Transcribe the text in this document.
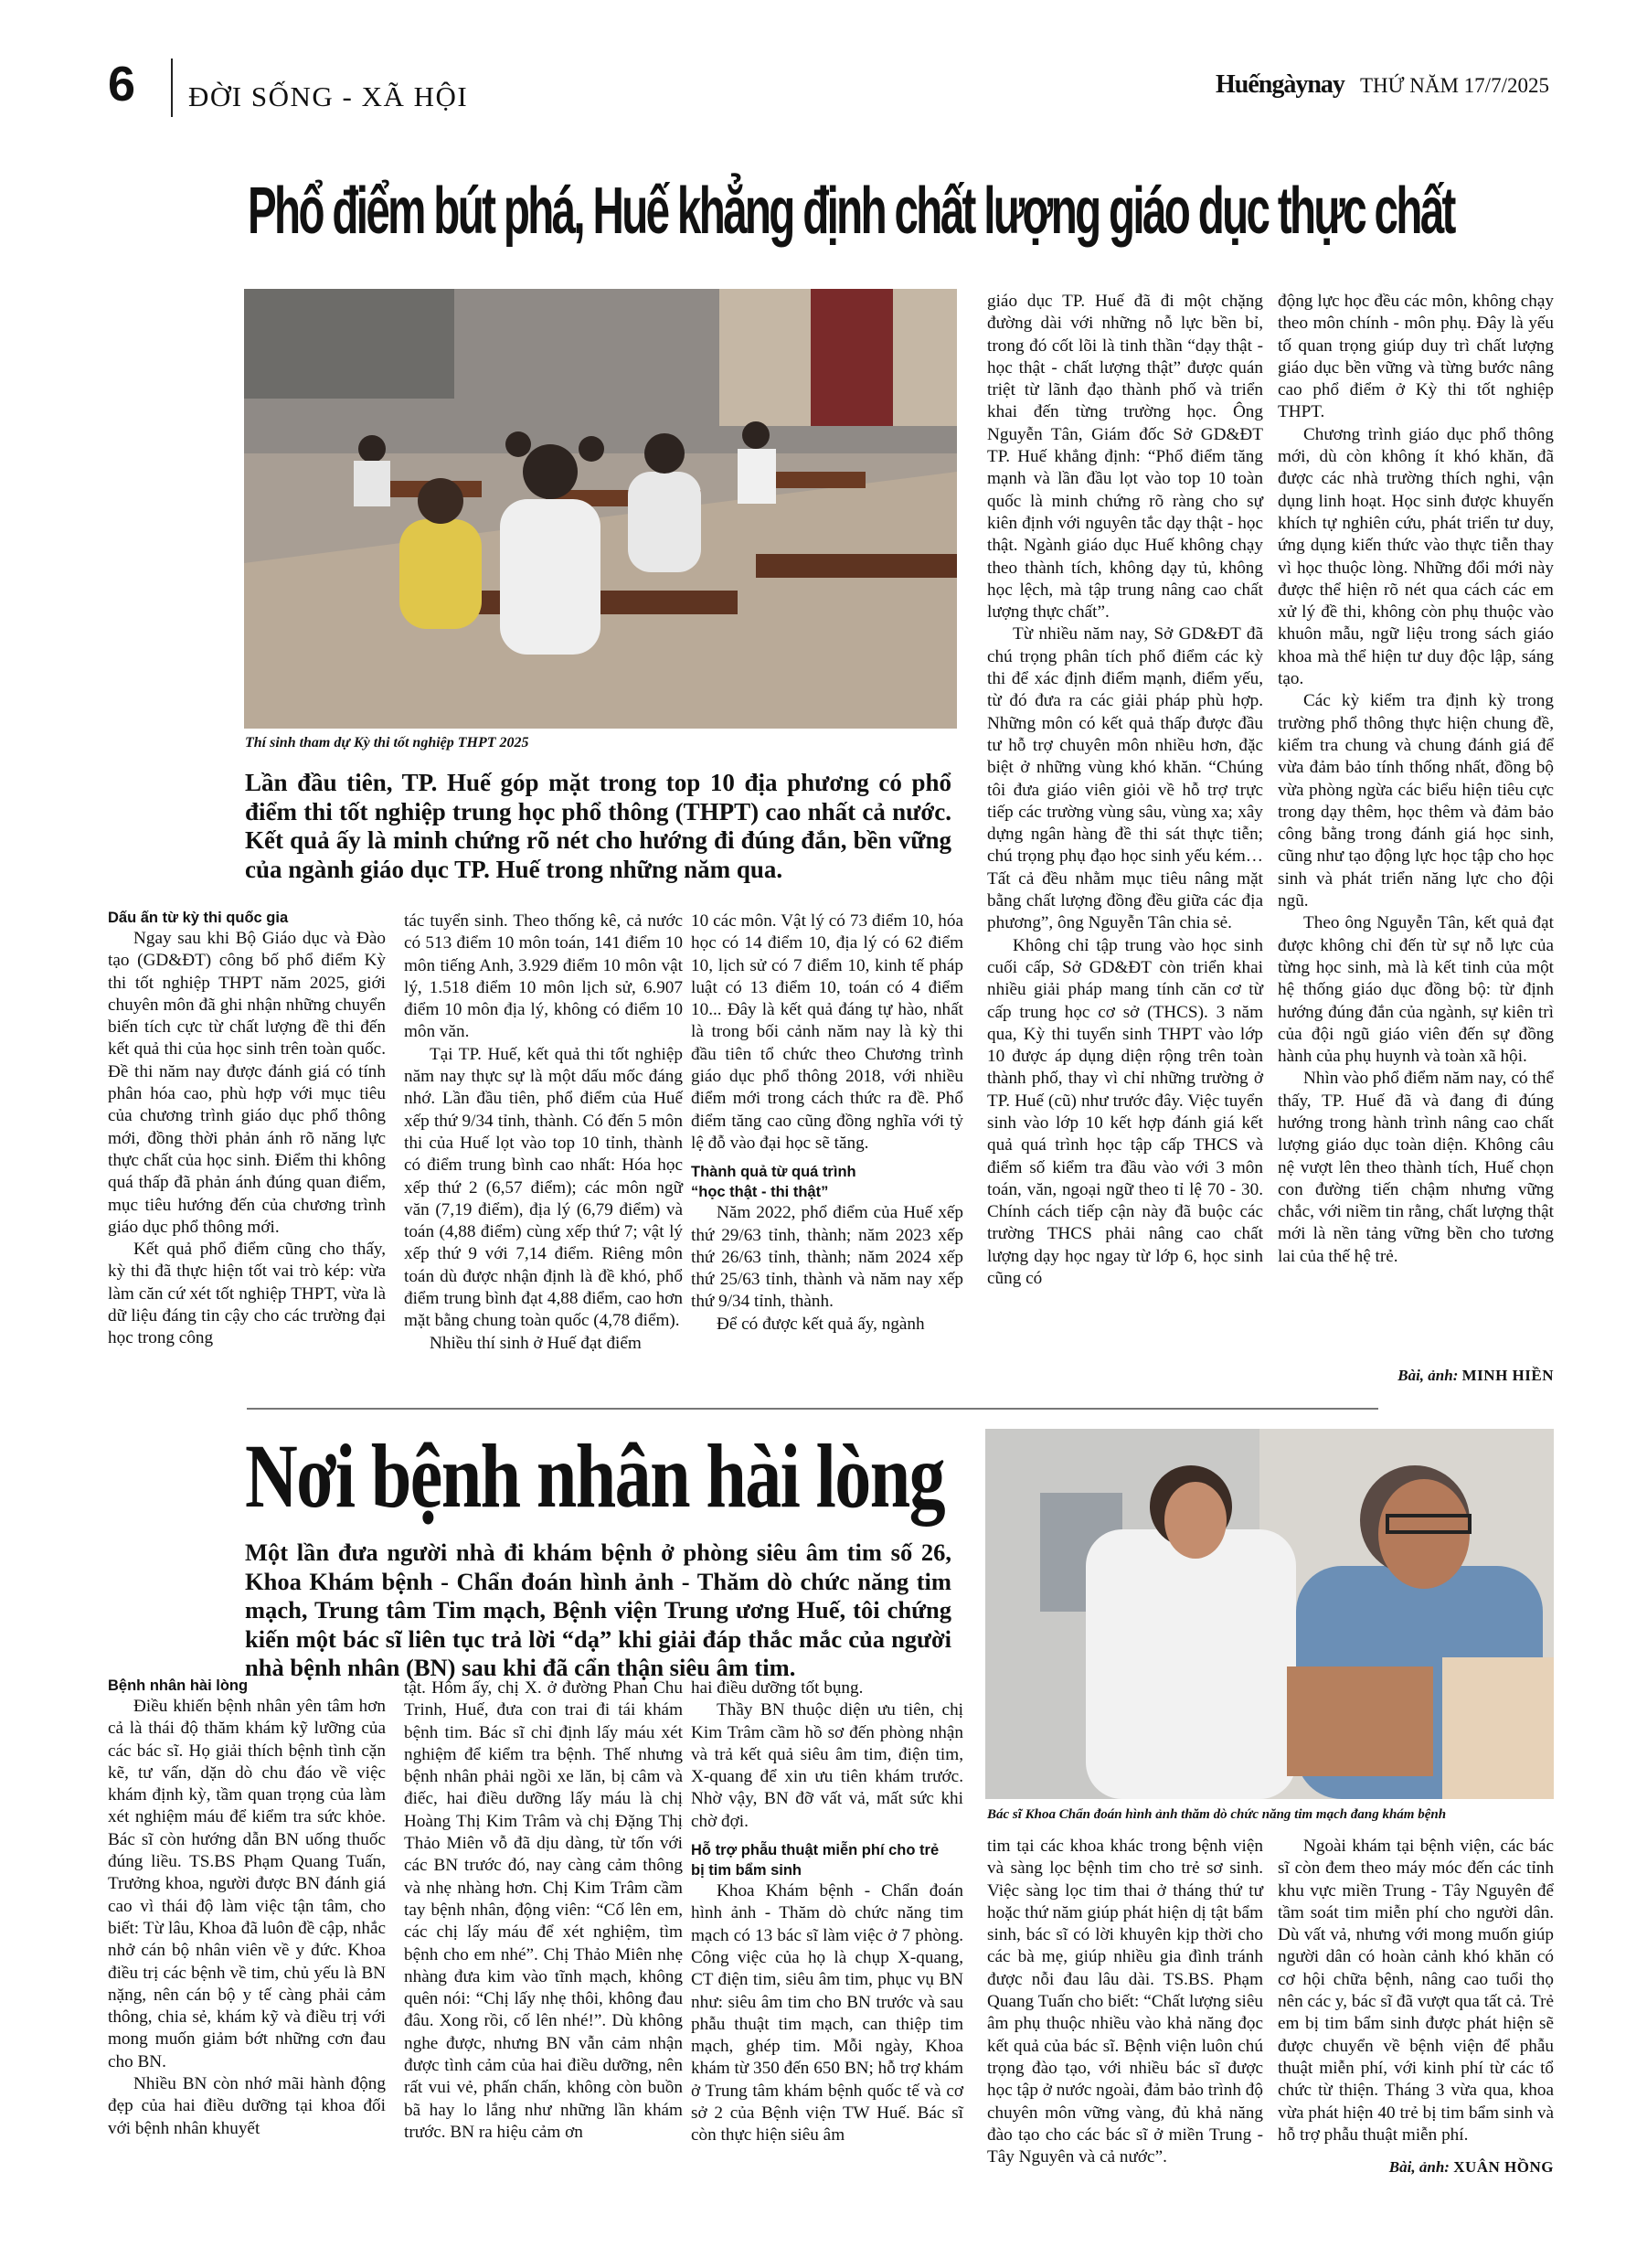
6 ĐỜI SỐNG - XÃ HỘI	Huếngàynay THỨ NĂM 17/7/2025
Phổ điểm bút phá, Huế khẳng định chất lượng giáo dục thực chất
Thí sinh tham dự Kỳ thi tốt nghiệp THPT 2025
Lần đầu tiên, TP. Huế góp mặt trong top 10 địa phương có phổ điểm thi tốt nghiệp trung học phổ thông (THPT) cao nhất cả nước. Kết quả ấy là minh chứng rõ nét cho hướng đi đúng đắn, bền vững của ngành giáo dục TP. Huế trong những năm qua.

Dấu ấn từ kỳ thi quốc gia

Ngay sau khi Bộ Giáo dục và Đào tạo (GD&ĐT) công bố phổ điểm Kỳ thi tốt nghiệp THPT năm 2025, giới chuyên môn đã ghi nhận những chuyển biến tích cực từ chất lượng đề thi đến kết quả thi của học sinh trên toàn quốc. Đề thi năm nay được đánh giá có tính phân hóa cao, phù hợp với mục tiêu của chương trình giáo dục phổ thông mới, đồng thời phản ánh rõ năng lực thực chất của học sinh. Điểm thi không quá thấp đã phản ánh đúng quan điểm, mục tiêu hướng đến của chương trình giáo dục phổ thông mới.

Kết quả phổ điểm cũng cho thấy, kỳ thi đã thực hiện tốt vai trò kép: vừa làm căn cứ xét tốt nghiệp THPT, vừa là dữ liệu đáng tin cậy cho các trường đại học trong công

tác tuyển sinh. Theo thống kê, cả nước có 513 điểm 10 môn toán, 141 điểm 10 môn tiếng Anh, 3.929 điểm 10 môn vật lý, 1.518 điểm 10 môn lịch sử, 6.907 điểm 10 môn địa lý, không có điểm 10 môn văn.

Tại TP. Huế, kết quả thi tốt nghiệp năm nay thực sự là một dấu mốc đáng nhớ. Lần đầu tiên, phổ điểm của Huế xếp thứ 9/34 tỉnh, thành. Có đến 5 môn thi của Huế lọt vào top 10 tỉnh, thành có điểm trung bình cao nhất: Hóa học xếp thứ 2 (6,57 điểm); các môn ngữ văn (7,19 điểm), địa lý (6,79 điểm) và toán (4,88 điểm) cùng xếp thứ 7; vật lý xếp thứ 9 với 7,14 điểm. Riêng môn toán dù được nhận định là đề khó, phổ điểm trung bình đạt 4,88 điểm, cao hơn mặt bằng chung toàn quốc (4,78 điểm).

Nhiều thí sinh ở Huế đạt điểm

10 các môn. Vật lý có 73 điểm 10, hóa học có 14 điểm 10, địa lý có 62 điểm 10, lịch sử có 7 điểm 10, kinh tế pháp luật có 13 điểm 10, toán có 4 điểm 10... Đây là kết quả đáng tự hào, nhất là trong bối cảnh năm nay là kỳ thi đầu tiên tổ chức theo Chương trình giáo dục phổ thông 2018, với nhiều điểm mới trong cách thức ra đề. Phổ điểm tăng cao cũng đồng nghĩa với tỷ lệ đỗ vào đại học sẽ tăng.

Thành quả từ quá trình

“học thật - thi thật”

Năm 2022, phổ điểm của Huế xếp thứ 29/63 tỉnh, thành; năm 2023 xếp thứ 26/63 tỉnh, thành; năm 2024 xếp thứ 25/63 tỉnh, thành và năm nay xếp thứ 9/34 tỉnh, thành.

Để có được kết quả ấy, ngành

giáo dục TP. Huế đã đi một chặng đường dài với những nỗ lực bền bỉ, trong đó cốt lõi là tinh thần “dạy thật - học thật - chất lượng thật” được quán triệt từ lãnh đạo thành phố và triển khai đến từng trường học. Ông Nguyễn Tân, Giám đốc Sở GD&ĐT TP. Huế khẳng định: “Phổ điểm tăng mạnh và lần đầu lọt vào top 10 toàn quốc là minh chứng rõ ràng cho sự kiên định với nguyên tắc dạy thật - học thật. Ngành giáo dục Huế không chạy theo thành tích, không dạy tủ, không học lệch, mà tập trung nâng cao chất lượng thực chất”.

Từ nhiều năm nay, Sở GD&ĐT đã chú trọng phân tích phổ điểm các kỳ thi để xác định điểm mạnh, điểm yếu, từ đó đưa ra các giải pháp phù hợp. Những môn có kết quả thấp được đầu tư hỗ trợ chuyên môn nhiều hơn, đặc biệt ở những vùng khó khăn. “Chúng tôi đưa giáo viên giỏi về hỗ trợ trực tiếp các trường vùng sâu, vùng xa; xây dựng ngân hàng đề thi sát thực tiễn; chú trọng phụ đạo học sinh yếu kém… Tất cả đều nhằm mục tiêu nâng mặt bằng chất lượng đồng đều giữa các địa phương”, ông Nguyễn Tân chia sẻ.

Không chỉ tập trung vào học sinh cuối cấp, Sở GD&ĐT còn triển khai nhiều giải pháp mang tính căn cơ từ cấp trung học cơ sở (THCS). 3 năm qua, Kỳ thi tuyển sinh THPT vào lớp 10 được áp dụng diện rộng trên toàn thành phố, thay vì chỉ những trường ở TP. Huế (cũ) như trước đây. Việc tuyển sinh vào lớp 10 kết hợp đánh giá kết quả quá trình học tập cấp THCS và điểm số kiểm tra đầu vào với 3 môn toán, văn, ngoại ngữ theo tỉ lệ 70 - 30. Chính cách tiếp cận này đã buộc các trường THCS phải nâng cao chất lượng dạy học ngay từ lớp 6, học sinh cũng có

động lực học đều các môn, không chạy theo môn chính - môn phụ. Đây là yếu tố quan trọng giúp duy trì chất lượng giáo dục bền vững và từng bước nâng cao phổ điểm ở Kỳ thi tốt nghiệp THPT.

Chương trình giáo dục phổ thông mới, dù còn không ít khó khăn, đã được các nhà trường thích nghi, vận dụng linh hoạt. Học sinh được khuyến khích tự nghiên cứu, phát triển tư duy, ứng dụng kiến thức vào thực tiễn thay vì học thuộc lòng. Những đổi mới này được thể hiện rõ nét qua cách các em xử lý đề thi, không còn phụ thuộc vào khuôn mẫu, ngữ liệu trong sách giáo khoa mà thể hiện tư duy độc lập, sáng tạo.

Các kỳ kiểm tra định kỳ trong trường phổ thông thực hiện chung đề, kiểm tra chung và chung đánh giá để vừa đảm bảo tính thống nhất, đồng bộ vừa phòng ngừa các biểu hiện tiêu cực trong dạy thêm, học thêm và đảm bảo công bằng trong đánh giá học sinh, cũng như tạo động lực học tập cho học sinh và phát triển năng lực cho đội ngũ.

Theo ông Nguyễn Tân, kết quả đạt được không chỉ đến từ sự nỗ lực của từng học sinh, mà là kết tinh của một hệ thống giáo dục đồng bộ: từ định hướng đúng đắn của ngành, sự kiên trì của đội ngũ giáo viên đến sự đồng hành của phụ huynh và toàn xã hội.

Nhìn vào phổ điểm năm nay, có thể thấy, TP. Huế đã và đang đi đúng hướng trong hành trình nâng cao chất lượng giáo dục toàn diện. Không câu nệ vượt lên theo thành tích, Huế chọn con đường tiến chậm nhưng vững chắc, với niềm tin rằng, chất lượng thật mới là nền tảng vững bền cho tương lai của thế hệ trẻ.

Bài, ảnh: MINH HIỀN
Nơi bệnh nhân hài lòng
Một lần đưa người nhà đi khám bệnh ở phòng siêu âm tim số 26, Khoa Khám bệnh - Chẩn đoán hình ảnh - Thăm dò chức năng tim mạch, Trung tâm Tim mạch, Bệnh viện Trung ương Huế, tôi chứng kiến một bác sĩ liên tục trả lời “dạ” khi giải đáp thắc mắc của người nhà bệnh nhân (BN) sau khi đã cẩn thận siêu âm tim.
Bác sĩ Khoa Chẩn đoán hình ảnh thăm dò chức năng tim mạch đang khám bệnh

Bệnh nhân hài lòng

Điều khiến bệnh nhân yên tâm hơn cả là thái độ thăm khám kỹ lưỡng của các bác sĩ. Họ giải thích bệnh tình cặn kẽ, tư vấn, dặn dò chu đáo về việc khám định kỳ, tầm quan trọng của làm xét nghiệm máu để kiểm tra sức khỏe. Bác sĩ còn hướng dẫn BN uống thuốc đúng liều. TS.BS Phạm Quang Tuấn, Trưởng khoa, người được BN đánh giá cao vì thái độ làm việc tận tâm, cho biết: Từ lâu, Khoa đã luôn đề cập, nhắc nhở cán bộ nhân viên về y đức. Khoa điều trị các bệnh về tim, chủ yếu là BN nặng, nên cán bộ y tế càng phải cảm thông, chia sẻ, khám kỹ và điều trị với mong muốn giảm bớt những cơn đau cho BN.

Nhiều BN còn nhớ mãi hành động đẹp của hai điều dưỡng tại khoa đối với bệnh nhân khuyết

tật. Hôm ấy, chị X. ở đường Phan Chu Trinh, Huế, đưa con trai đi tái khám bệnh tim. Bác sĩ chỉ định lấy máu xét nghiệm để kiểm tra bệnh. Thế nhưng bệnh nhân phải ngồi xe lăn, bị câm và điếc, hai điều dưỡng lấy máu là chị Hoàng Thị Kim Trâm và chị Đặng Thị Thảo Miên vỗ đã dịu dàng, từ tốn với các BN trước đó, nay càng cảm thông và nhẹ nhàng hơn. Chị Kim Trâm cầm tay bệnh nhân, động viên: “Cố lên em, các chị lấy máu để xét nghiệm, tìm bệnh cho em nhé”. Chị Thảo Miên nhẹ nhàng đưa kim vào tĩnh mạch, không quên nói: “Chị lấy nhẹ thôi, không đau đâu. Xong rồi, cố lên nhé!”. Dù không nghe được, nhưng BN vẫn cảm nhận được tình cảm của hai điều dưỡng, nên rất vui vẻ, phấn chấn, không còn buồn bã hay lo lắng như những lần khám trước. BN ra hiệu cảm ơn

hai điều dưỡng tốt bụng.

Thầy BN thuộc diện ưu tiên, chị Kim Trâm cầm hồ sơ đến phòng nhận và trả kết quả siêu âm tim, điện tim, X-quang để xin ưu tiên khám trước. Nhờ vậy, BN đỡ vất vả, mất sức khi chờ đợi.

Hỗ trợ phẫu thuật miễn phí cho trẻ

bị tim bẩm sinh

Khoa Khám bệnh - Chẩn đoán hình ảnh - Thăm dò chức năng tim mạch có 13 bác sĩ làm việc ở 7 phòng. Công việc của họ là chụp X-quang, CT điện tim, siêu âm tim, phục vụ BN như: siêu âm tim cho BN trước và sau phẫu thuật tim mạch, can thiệp tim mạch, ghép tim. Mỗi ngày, Khoa khám từ 350 đến 650 BN; hỗ trợ khám ở Trung tâm khám bệnh quốc tế và cơ sở 2 của Bệnh viện TW Huế. Bác sĩ còn thực hiện siêu âm

tim tại các khoa khác trong bệnh viện và sàng lọc bệnh tim cho trẻ sơ sinh. Việc sàng lọc tim thai ở tháng thứ tư hoặc thứ năm giúp phát hiện dị tật bẩm sinh, bác sĩ có lời khuyên kịp thời cho các bà mẹ, giúp nhiều gia đình tránh được nỗi đau lâu dài. TS.BS. Phạm Quang Tuấn cho biết: “Chất lượng siêu âm phụ thuộc nhiều vào khả năng đọc kết quả của bác sĩ. Bệnh viện luôn chú trọng đào tạo, với nhiều bác sĩ được học tập ở nước ngoài, đảm bảo trình độ chuyên môn vững vàng, đủ khả năng đào tạo cho các bác sĩ ở miền Trung - Tây Nguyên và cả nước”.

Ngoài khám tại bệnh viện, các bác sĩ còn đem theo máy móc đến các tỉnh khu vực miền Trung - Tây Nguyên để tầm soát tim miễn phí cho người dân. Dù vất vả, nhưng với mong muốn giúp người dân có hoàn cảnh khó khăn có cơ hội chữa bệnh, nâng cao tuổi thọ nên các y, bác sĩ đã vượt qua tất cả. Trẻ em bị tim bẩm sinh được phát hiện sẽ được chuyển về bệnh viện để phẫu thuật miễn phí, với kinh phí từ các tổ chức từ thiện. Tháng 3 vừa qua, khoa vừa phát hiện 40 trẻ bị tim bẩm sinh và hỗ trợ phẫu thuật miễn phí.

Bài, ảnh: XUÂN HỒNG
